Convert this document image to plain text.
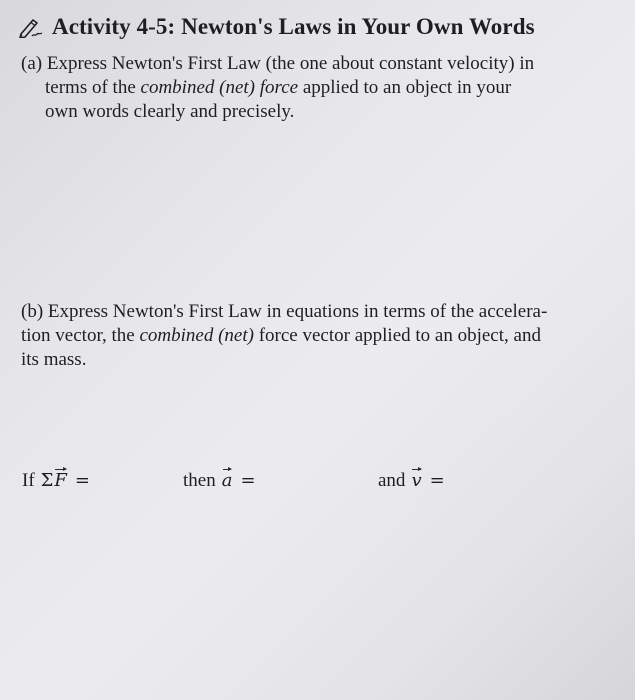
Activity 4-5: Newton's Laws in Your Own Words
(a) Express Newton's First Law (the one about constant velocity) in
terms of the combined (net) force applied to an object in your
own words clearly and precisely.
(b) Express Newton's First Law in equations in terms of the accelera-
tion vector, the combined (net) force vector applied to an object, and
its mass.
If Σ F =	then a =	and v =
